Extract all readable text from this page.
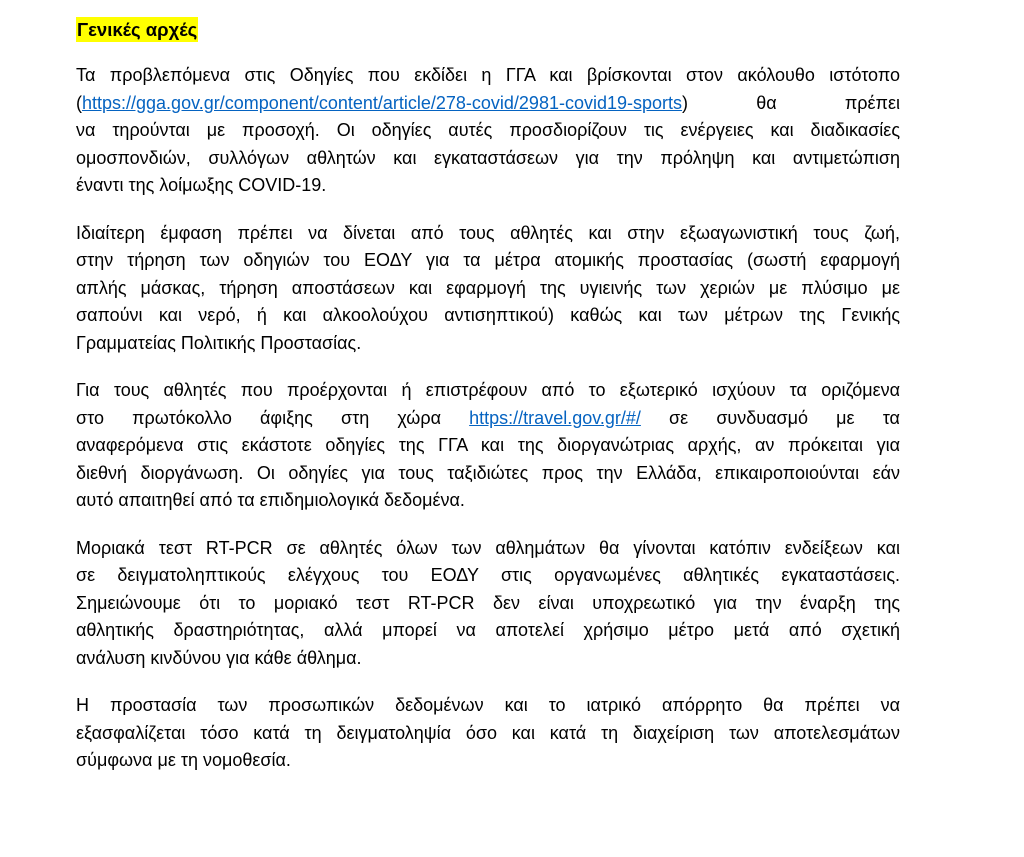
Γενικές αρχές

Τα προβλεπόμενα στις Οδηγίες που εκδίδει η ΓΓΑ και βρίσκονται στον ακόλουθο ιστότοπο
(https://gga.gov.gr/component/content/article/278-covid/2981-covid19-sports) θα πρέπει
να τηρούνται με προσοχή. Οι οδηγίες αυτές προσδιορίζουν τις ενέργειες και διαδικασίες
ομοσπονδιών, συλλόγων αθλητών και εγκαταστάσεων για την πρόληψη και αντιμετώπιση
έναντι της λοίμωξης COVID-19.

Ιδιαίτερη έμφαση πρέπει να δίνεται από τους αθλητές και στην εξωαγωνιστική τους ζωή,
στην τήρηση των οδηγιών του ΕΟΔΥ για τα μέτρα ατομικής προστασίας (σωστή εφαρμογή
απλής μάσκας, τήρηση αποστάσεων και εφαρμογή της υγιεινής των χεριών με πλύσιμο με
σαπούνι και νερό, ή και αλκοολούχου αντισηπτικού) καθώς και των μέτρων της Γενικής
Γραμματείας Πολιτικής Προστασίας.

Για τους αθλητές που προέρχονται ή επιστρέφουν από το εξωτερικό ισχύουν τα οριζόμενα
στο πρωτόκολλο άφιξης στη χώρα https://travel.gov.gr/#/ σε συνδυασμό με τα
αναφερόμενα στις εκάστοτε οδηγίες της ΓΓΑ και της διοργανώτριας αρχής, αν πρόκειται για
διεθνή διοργάνωση. Οι οδηγίες για τους ταξιδιώτες προς την Ελλάδα, επικαιροποιούνται εάν
αυτό απαιτηθεί από τα επιδημιολογικά δεδομένα.

Μοριακά τεστ RT-PCR σε αθλητές όλων των αθλημάτων θα γίνονται κατόπιν ενδείξεων και
σε δειγματοληπτικούς ελέγχους του ΕΟΔΥ στις οργανωμένες αθλητικές εγκαταστάσεις.
Σημειώνουμε ότι το μοριακό τεστ RT-PCR δεν είναι υποχρεωτικό για την έναρξη της
αθλητικής δραστηριότητας, αλλά μπορεί να αποτελεί χρήσιμο μέτρο μετά από σχετική
ανάλυση κινδύνου για κάθε άθλημα.

Η προστασία των προσωπικών δεδομένων και το ιατρικό απόρρητο θα πρέπει να
εξασφαλίζεται τόσο κατά τη δειγματοληψία όσο και κατά τη διαχείριση των αποτελεσμάτων
σύμφωνα με τη νομοθεσία.
